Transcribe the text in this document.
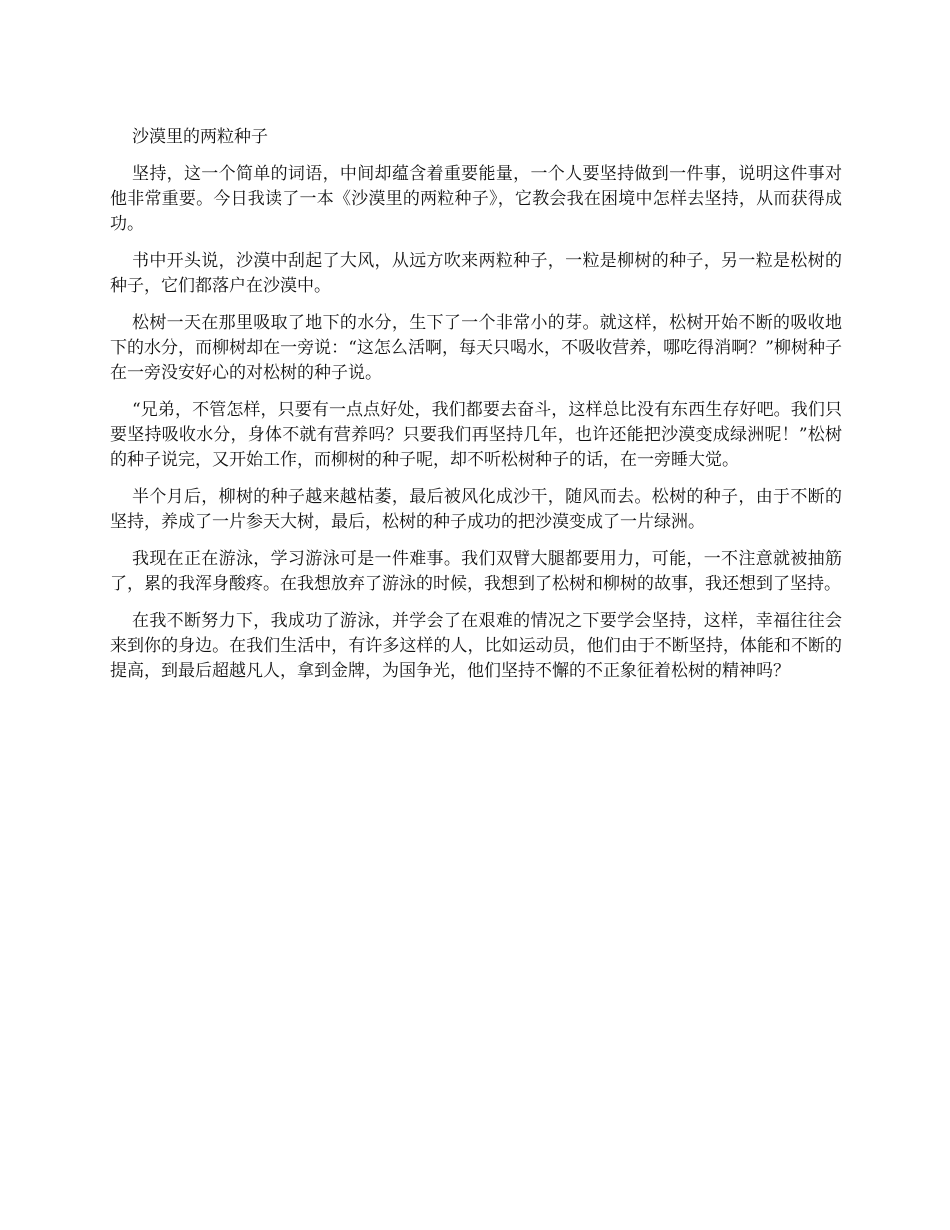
沙漠里的两粒种子

坚持，这一个简单的词语，中间却蕴含着重要能量，一个人要坚持做到一件事，说明这件事对他非常重要。今日我读了一本《沙漠里的两粒种子》，它教会我在困境中怎样去坚持，从而获得成功。

书中开头说，沙漠中刮起了大风，从远方吹来两粒种子，一粒是柳树的种子，另一粒是松树的种子，它们都落户在沙漠中。

松树一天在那里吸取了地下的水分，生下了一个非常小的芽。就这样，松树开始不断的吸收地下的水分，而柳树却在一旁说：“这怎么活啊，每天只喝水，不吸收营养，哪吃得消啊？”柳树种子在一旁没安好心的对松树的种子说。

“兄弟，不管怎样，只要有一点点好处，我们都要去奋斗，这样总比没有东西生存好吧。我们只要坚持吸收水分，身体不就有营养吗？只要我们再坚持几年，也许还能把沙漠变成绿洲呢！”松树的种子说完，又开始工作，而柳树的种子呢，却不听松树种子的话，在一旁睡大觉。

半个月后，柳树的种子越来越枯萎，最后被风化成沙干，随风而去。松树的种子，由于不断的坚持，养成了一片参天大树，最后，松树的种子成功的把沙漠变成了一片绿洲。

我现在正在游泳，学习游泳可是一件难事。我们双臂大腿都要用力，可能，一不注意就被抽筋了，累的我浑身酸疼。在我想放弃了游泳的时候，我想到了松树和柳树的故事，我还想到了坚持。

在我不断努力下，我成功了游泳，并学会了在艰难的情况之下要学会坚持，这样，幸福往往会来到你的身边。在我们生活中，有许多这样的人，比如运动员，他们由于不断坚持，体能和不断的提高，到最后超越凡人，拿到金牌，为国争光，他们坚持不懈的不正象征着松树的精神吗？
